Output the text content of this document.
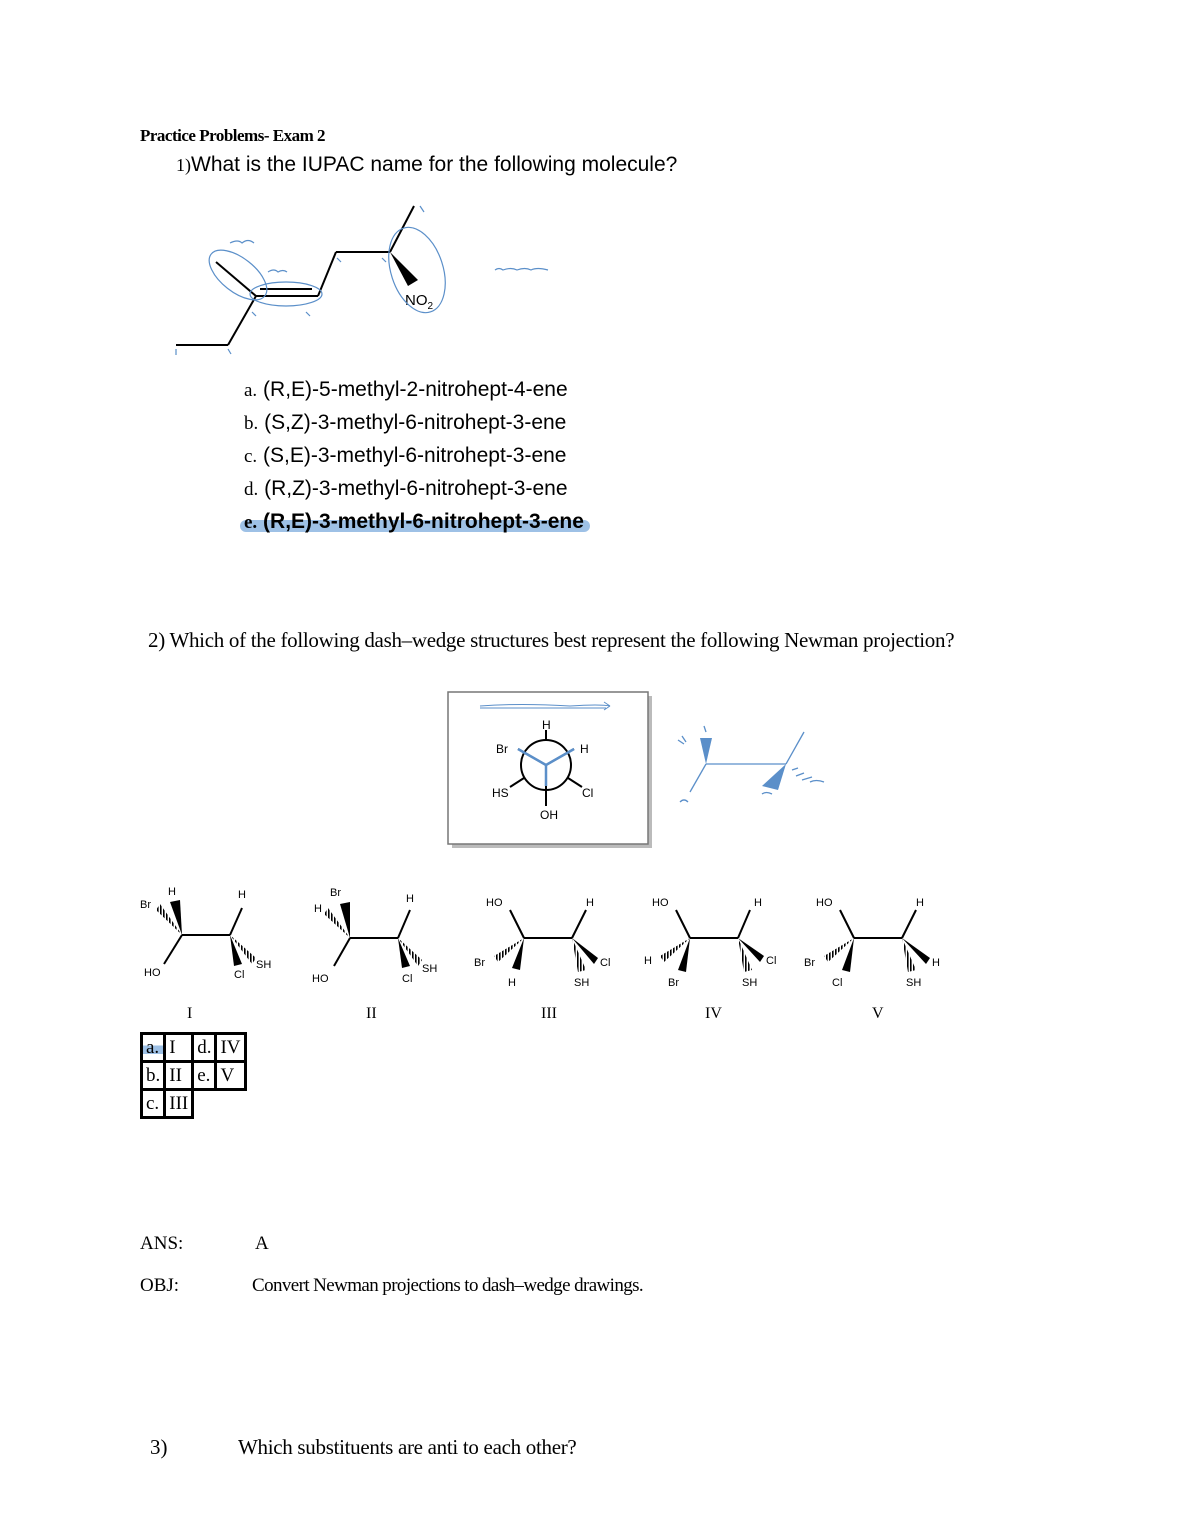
Practice Problems- Exam 2
1)What is the IUPAC name for the following molecule?
$NO_2$
a. (R,E)-5-methyl-2-nitrohept-4-ene
b. (S,Z)-3-methyl-6-nitrohept-3-ene
c. (S,E)-3-methyl-6-nitrohept-3-ene
d. (R,Z)-3-methyl-6-nitrohept-3-ene
e. (R,E)-3-methyl-6-nitrohept-3-ene
2) Which of the following dash–wedge structures best represent the following Newman projection?
H
Br	H
HS	Cl
OH
H	H
Br
HO	Cl
SH
Br	H
H
HO	Cl
SH
HO	H
Br
H
Cl
SH
HO	H
H
Br
Cl
SH
HO	H
Br
Cl
H
SH
I	II	III	IV	V
a.	I	d.	IV
b.	II	e.	V
c.	III		
ANS:	A
OBJ:	Convert Newman projections to dash–wedge drawings.
3)	Which substituents are anti to each other?
